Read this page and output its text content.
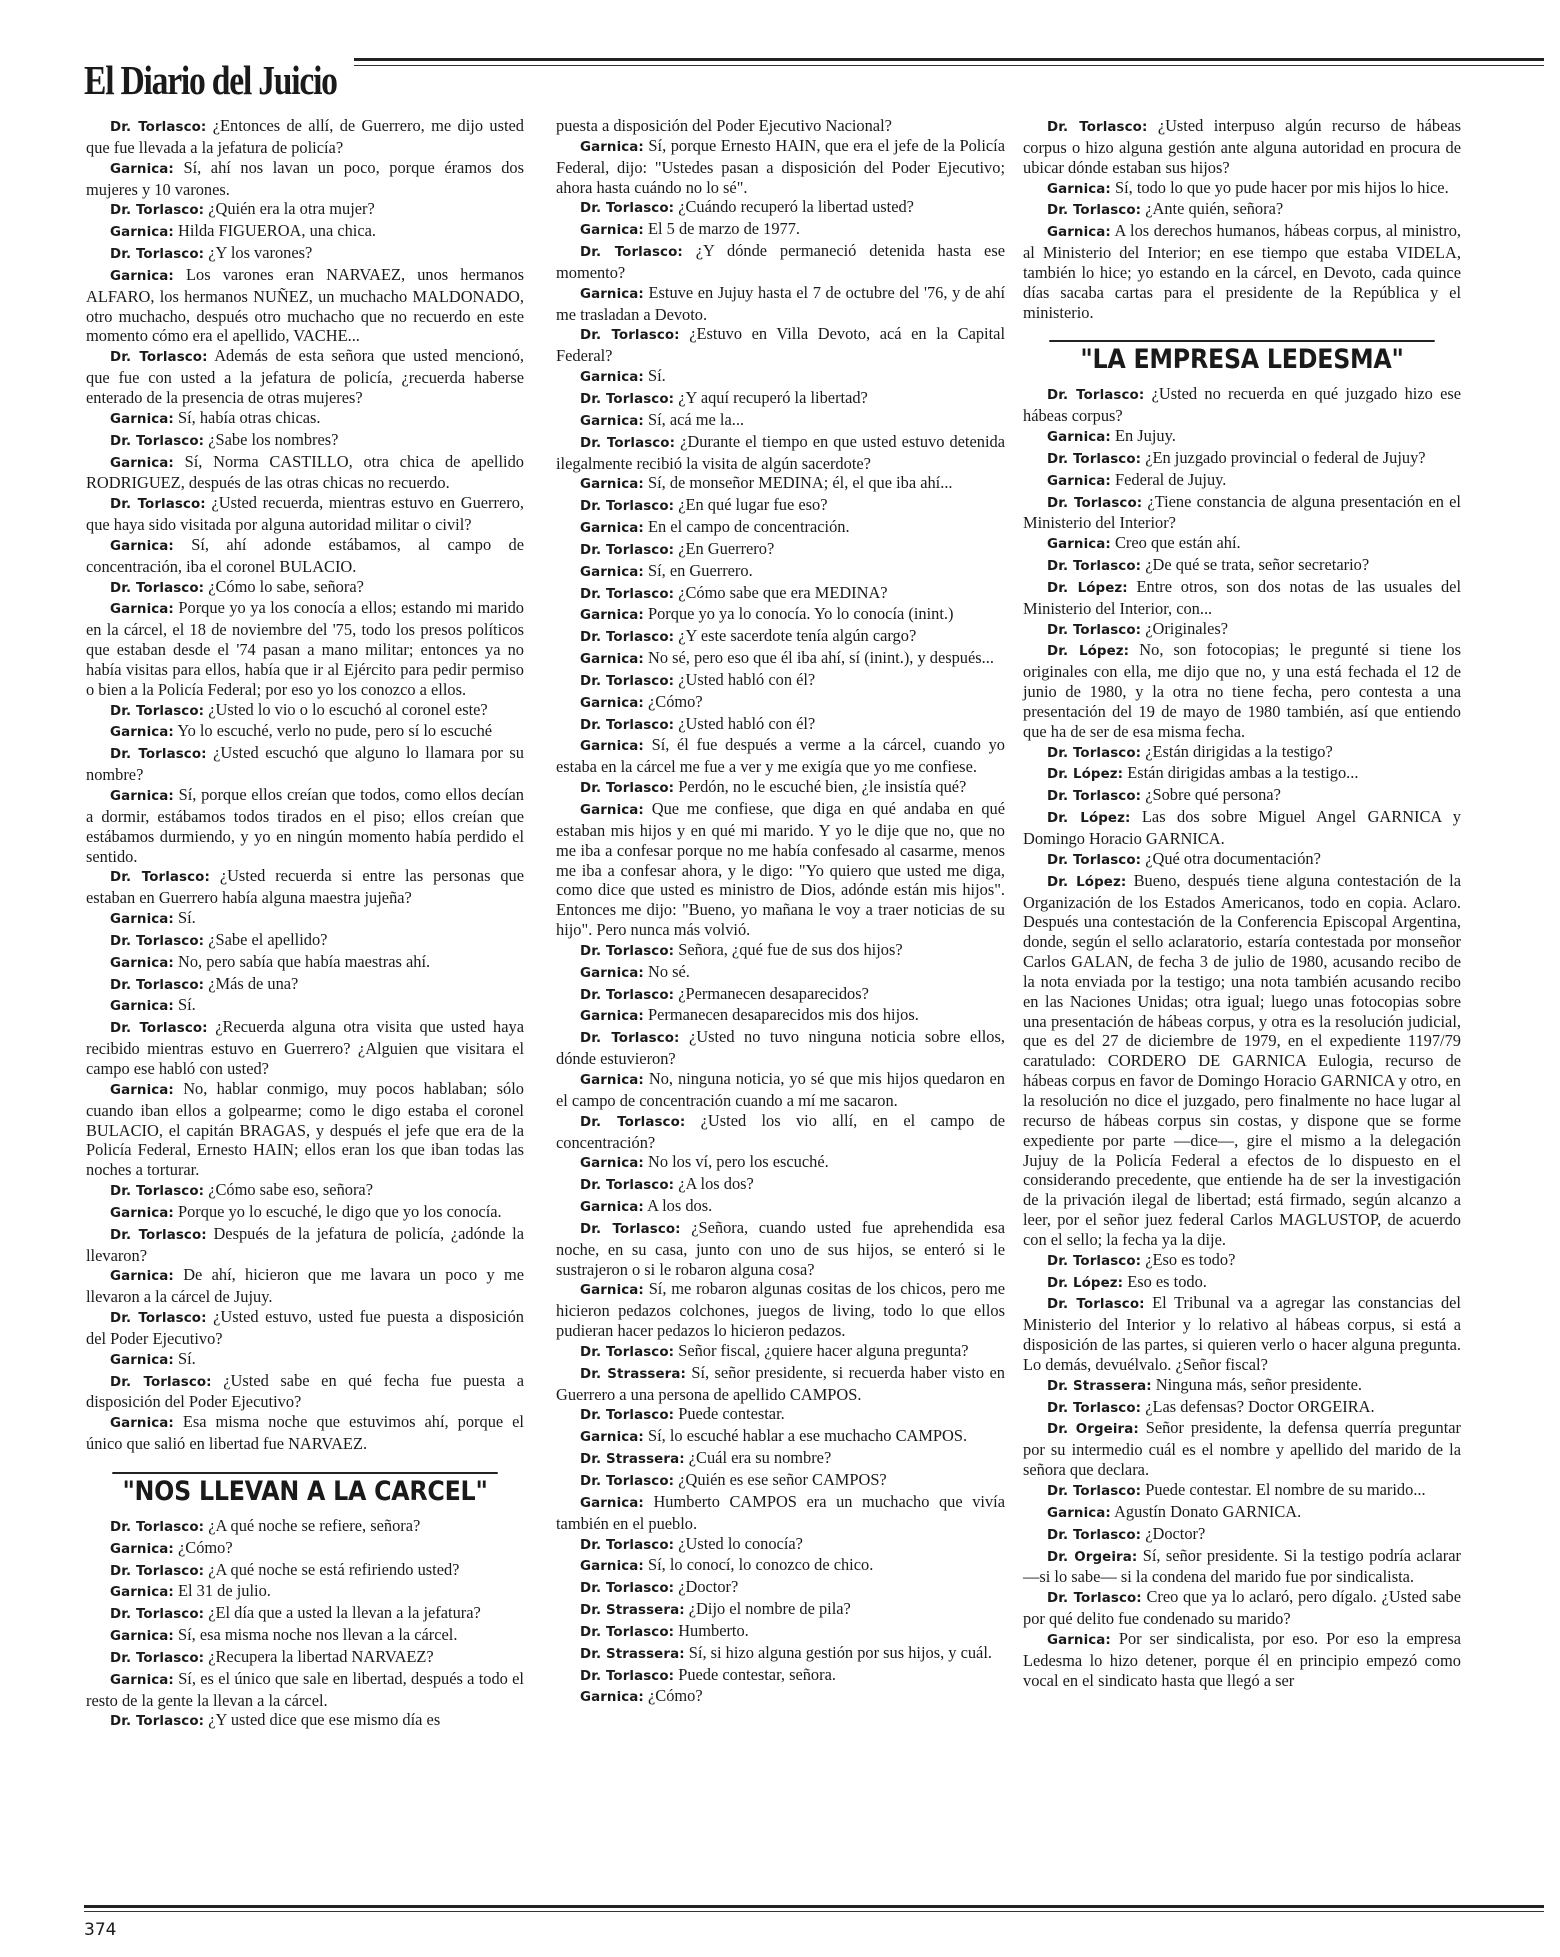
El Diario del Juicio

Dr. Torlasco: ¿Entonces de allí, de Guerrero, me dijo usted que fue llevada a la jefatura de policía?

Garnica: Sí, ahí nos lavan un poco, porque éramos dos mujeres y 10 varones.

Dr. Torlasco: ¿Quién era la otra mujer?

Garnica: Hilda FIGUEROA, una chica.

Dr. Torlasco: ¿Y los varones?

Garnica: Los varones eran NARVAEZ, unos hermanos ALFARO, los hermanos NUÑEZ, un muchacho MALDONADO, otro muchacho, después otro muchacho que no recuerdo en este momento cómo era el apellido, VACHE...

Dr. Torlasco: Además de esta señora que usted mencionó, que fue con usted a la jefatura de policía, ¿recuerda haberse enterado de la presencia de otras mujeres?

Garnica: Sí, había otras chicas.

Dr. Torlasco: ¿Sabe los nombres?

Garnica: Sí, Norma CASTILLO, otra chica de apellido RODRIGUEZ, después de las otras chicas no recuerdo.

Dr. Torlasco: ¿Usted recuerda, mientras estuvo en Guerrero, que haya sido visitada por alguna autoridad militar o civil?

Garnica: Sí, ahí adonde estábamos, al campo de concentración, iba el coronel BULACIO.

Dr. Torlasco: ¿Cómo lo sabe, señora?

Garnica: Porque yo ya los conocía a ellos; estando mi marido en la cárcel, el 18 de noviembre del '75, todo los presos políticos que estaban desde el '74 pasan a mano militar; entonces ya no había visitas para ellos, había que ir al Ejército para pedir permiso o bien a la Policía Federal; por eso yo los conozco a ellos.

Dr. Torlasco: ¿Usted lo vio o lo escuchó al coronel este?

Garnica: Yo lo escuché, verlo no pude, pero sí lo escuché

Dr. Torlasco: ¿Usted escuchó que alguno lo llamara por su nombre?

Garnica: Sí, porque ellos creían que todos, como ellos decían a dormir, estábamos todos tirados en el piso; ellos creían que estábamos durmiendo, y yo en ningún momento había perdido el sentido.

Dr. Torlasco: ¿Usted recuerda si entre las personas que estaban en Guerrero había alguna maestra jujeña?

Garnica: Sí.

Dr. Torlasco: ¿Sabe el apellido?

Garnica: No, pero sabía que había maestras ahí.

Dr. Torlasco: ¿Más de una?

Garnica: Sí.

Dr. Torlasco: ¿Recuerda alguna otra visita que usted haya recibido mientras estuvo en Guerrero? ¿Alguien que visitara el campo ese habló con usted?

Garnica: No, hablar conmigo, muy pocos hablaban; sólo cuando iban ellos a golpearme; como le digo estaba el coronel BULACIO, el capitán BRAGAS, y después el jefe que era de la Policía Federal, Ernesto HAIN; ellos eran los que iban todas las noches a torturar.

Dr. Torlasco: ¿Cómo sabe eso, señora?

Garnica: Porque yo lo escuché, le digo que yo los conocía.

Dr. Torlasco: Después de la jefatura de policía, ¿adónde la llevaron?

Garnica: De ahí, hicieron que me lavara un poco y me llevaron a la cárcel de Jujuy.

Dr. Torlasco: ¿Usted estuvo, usted fue puesta a disposición del Poder Ejecutivo?

Garnica: Sí.

Dr. Torlasco: ¿Usted sabe en qué fecha fue puesta a disposición del Poder Ejecutivo?

Garnica: Esa misma noche que estuvimos ahí, porque el único que salió en libertad fue NARVAEZ.

"NOS LLEVAN A LA CARCEL"

Dr. Torlasco: ¿A qué noche se refiere, señora?

Garnica: ¿Cómo?

Dr. Torlasco: ¿A qué noche se está refiriendo usted?

Garnica: El 31 de julio.

Dr. Torlasco: ¿El día que a usted la llevan a la jefatura?

Garnica: Sí, esa misma noche nos llevan a la cárcel.

Dr. Torlasco: ¿Recupera la libertad NARVAEZ?

Garnica: Sí, es el único que sale en libertad, después a todo el resto de la gente la llevan a la cárcel.

Dr. Torlasco: ¿Y usted dice que ese mismo día es

puesta a disposición del Poder Ejecutivo Nacional?

Garnica: Sí, porque Ernesto HAIN, que era el jefe de la Policía Federal, dijo: "Ustedes pasan a disposición del Poder Ejecutivo; ahora hasta cuándo no lo sé".

Dr. Torlasco: ¿Cuándo recuperó la libertad usted?

Garnica: El 5 de marzo de 1977.

Dr. Torlasco: ¿Y dónde permaneció detenida hasta ese momento?

Garnica: Estuve en Jujuy hasta el 7 de octubre del '76, y de ahí me trasladan a Devoto.

Dr. Torlasco: ¿Estuvo en Villa Devoto, acá en la Capital Federal?

Garnica: Sí.

Dr. Torlasco: ¿Y aquí recuperó la libertad?

Garnica: Sí, acá me la...

Dr. Torlasco: ¿Durante el tiempo en que usted estuvo detenida ilegalmente recibió la visita de algún sacerdote?

Garnica: Sí, de monseñor MEDINA; él, el que iba ahí...

Dr. Torlasco: ¿En qué lugar fue eso?

Garnica: En el campo de concentración.

Dr. Torlasco: ¿En Guerrero?

Garnica: Sí, en Guerrero.

Dr. Torlasco: ¿Cómo sabe que era MEDINA?

Garnica: Porque yo ya lo conocía. Yo lo conocía (inint.)

Dr. Torlasco: ¿Y este sacerdote tenía algún cargo?

Garnica: No sé, pero eso que él iba ahí, sí (inint.), y después...

Dr. Torlasco: ¿Usted habló con él?

Garnica: ¿Cómo?

Dr. Torlasco: ¿Usted habló con él?

Garnica: Sí, él fue después a verme a la cárcel, cuando yo estaba en la cárcel me fue a ver y me exigía que yo me confiese.

Dr. Torlasco: Perdón, no le escuché bien, ¿le insistía qué?

Garnica: Que me confiese, que diga en qué andaba en qué estaban mis hijos y en qué mi marido. Y yo le dije que no, que no me iba a confesar porque no me había confesado al casarme, menos me iba a confesar ahora, y le digo: "Yo quiero que usted me diga, como dice que usted es ministro de Dios, adónde están mis hijos". Entonces me dijo: "Bueno, yo mañana le voy a traer noticias de su hijo". Pero nunca más volvió.

Dr. Torlasco: Señora, ¿qué fue de sus dos hijos?

Garnica: No sé.

Dr. Torlasco: ¿Permanecen desaparecidos?

Garnica: Permanecen desaparecidos mis dos hijos.

Dr. Torlasco: ¿Usted no tuvo ninguna noticia sobre ellos, dónde estuvieron?

Garnica: No, ninguna noticia, yo sé que mis hijos quedaron en el campo de concentración cuando a mí me sacaron.

Dr. Torlasco: ¿Usted los vio allí, en el campo de concentración?

Garnica: No los ví, pero los escuché.

Dr. Torlasco: ¿A los dos?

Garnica: A los dos.

Dr. Torlasco: ¿Señora, cuando usted fue aprehendida esa noche, en su casa, junto con uno de sus hijos, se enteró si le sustrajeron o si le robaron alguna cosa?

Garnica: Sí, me robaron algunas cositas de los chicos, pero me hicieron pedazos colchones, juegos de living, todo lo que ellos pudieran hacer pedazos lo hicieron pedazos.

Dr. Torlasco: Señor fiscal, ¿quiere hacer alguna pregunta?

Dr. Strassera: Sí, señor presidente, si recuerda haber visto en Guerrero a una persona de apellido CAMPOS.

Dr. Torlasco: Puede contestar.

Garnica: Sí, lo escuché hablar a ese muchacho CAMPOS.

Dr. Strassera: ¿Cuál era su nombre?

Dr. Torlasco: ¿Quién es ese señor CAMPOS?

Garnica: Humberto CAMPOS era un muchacho que vivía también en el pueblo.

Dr. Torlasco: ¿Usted lo conocía?

Garnica: Sí, lo conocí, lo conozco de chico.

Dr. Torlasco: ¿Doctor?

Dr. Strassera: ¿Dijo el nombre de pila?

Dr. Torlasco: Humberto.

Dr. Strassera: Sí, si hizo alguna gestión por sus hijos, y cuál.

Dr. Torlasco: Puede contestar, señora.

Garnica: ¿Cómo?

Dr. Torlasco: ¿Usted interpuso algún recurso de hábeas corpus o hizo alguna gestión ante alguna autoridad en procura de ubicar dónde estaban sus hijos?

Garnica: Sí, todo lo que yo pude hacer por mis hijos lo hice.

Dr. Torlasco: ¿Ante quién, señora?

Garnica: A los derechos humanos, hábeas corpus, al ministro, al Ministerio del Interior; en ese tiempo que estaba VIDELA, también lo hice; yo estando en la cárcel, en Devoto, cada quince días sacaba cartas para el presidente de la República y el ministerio.

"LA EMPRESA LEDESMA"

Dr. Torlasco: ¿Usted no recuerda en qué juzgado hizo ese hábeas corpus?

Garnica: En Jujuy.

Dr. Torlasco: ¿En juzgado provincial o federal de Jujuy?

Garnica: Federal de Jujuy.

Dr. Torlasco: ¿Tiene constancia de alguna presentación en el Ministerio del Interior?

Garnica: Creo que están ahí.

Dr. Torlasco: ¿De qué se trata, señor secretario?

Dr. López: Entre otros, son dos notas de las usuales del Ministerio del Interior, con...

Dr. Torlasco: ¿Originales?

Dr. López: No, son fotocopias; le pregunté si tiene los originales con ella, me dijo que no, y una está fechada el 12 de junio de 1980, y la otra no tiene fecha, pero contesta a una presentación del 19 de mayo de 1980 también, así que entiendo que ha de ser de esa misma fecha.

Dr. Torlasco: ¿Están dirigidas a la testigo?

Dr. López: Están dirigidas ambas a la testigo...

Dr. Torlasco: ¿Sobre qué persona?

Dr. López: Las dos sobre Miguel Angel GARNICA y Domingo Horacio GARNICA.

Dr. Torlasco: ¿Qué otra documentación?

Dr. López: Bueno, después tiene alguna contestación de la Organización de los Estados Americanos, todo en copia. Aclaro. Después una contestación de la Conferencia Episcopal Argentina, donde, según el sello aclaratorio, estaría contestada por monseñor Carlos GALAN, de fecha 3 de julio de 1980, acusando recibo de la nota enviada por la testigo; una nota también acusando recibo en las Naciones Unidas; otra igual; luego unas fotocopias sobre una presentación de hábeas corpus, y otra es la resolución judicial, que es del 27 de diciembre de 1979, en el expediente 1197/79 caratulado: CORDERO DE GARNICA Eulogia, recurso de hábeas corpus en favor de Domingo Horacio GARNICA y otro, en la resolución no dice el juzgado, pero finalmente no hace lugar al recurso de hábeas corpus sin costas, y dispone que se forme expediente por parte —dice—, gire el mismo a la delegación Jujuy de la Policía Federal a efectos de lo dispuesto en el considerando precedente, que entiende ha de ser la investigación de la privación ilegal de libertad; está firmado, según alcanzo a leer, por el señor juez federal Carlos MAGLUSTOP, de acuerdo con el sello; la fecha ya la dije.

Dr. Torlasco: ¿Eso es todo?

Dr. López: Eso es todo.

Dr. Torlasco: El Tribunal va a agregar las constancias del Ministerio del Interior y lo relativo al hábeas corpus, si está a disposición de las partes, si quieren verlo o hacer alguna pregunta. Lo demás, devuélvalo. ¿Señor fiscal?

Dr. Strassera: Ninguna más, señor presidente.

Dr. Torlasco: ¿Las defensas? Doctor ORGEIRA.

Dr. Orgeira: Señor presidente, la defensa querría preguntar por su intermedio cuál es el nombre y apellido del marido de la señora que declara.

Dr. Torlasco: Puede contestar. El nombre de su marido...

Garnica: Agustín Donato GARNICA.

Dr. Torlasco: ¿Doctor?

Dr. Orgeira: Sí, señor presidente. Si la testigo podría aclarar —si lo sabe— si la condena del marido fue por sindicalista.

Dr. Torlasco: Creo que ya lo aclaró, pero dígalo. ¿Usted sabe por qué delito fue condenado su marido?

Garnica: Por ser sindicalista, por eso. Por eso la empresa Ledesma lo hizo detener, porque él en principio empezó como vocal en el sindicato hasta que llegó a ser

374
